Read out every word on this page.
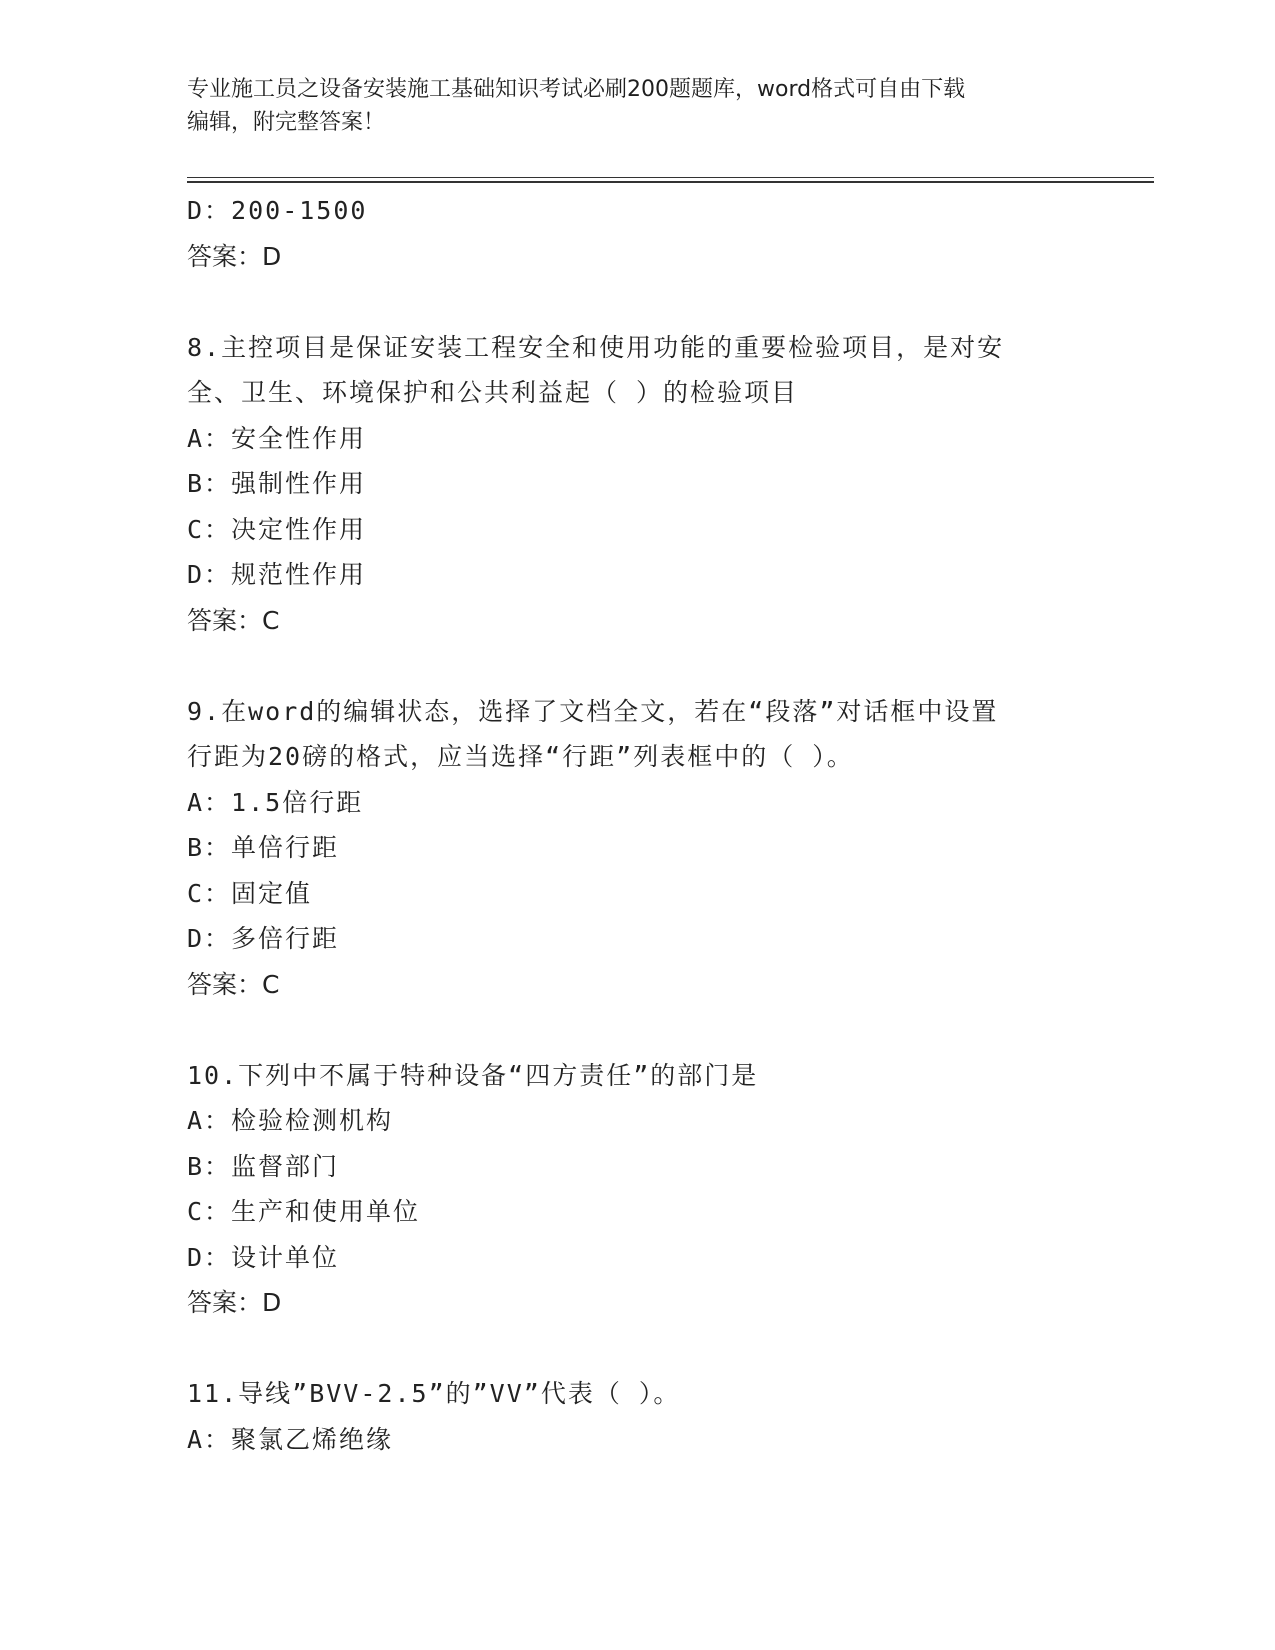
专业施工员之设备安装施工基础知识考试必刷200题题库，word格式可自由下载
编辑，附完整答案！
D：200-1500
答案：D
8.主控项目是保证安装工程安全和使用功能的重要检验项目，是对安
全、卫生、环境保护和公共利益起（ ）的检验项目
A：安全性作用
B：强制性作用
C：决定性作用
D：规范性作用
答案：C
9.在word的编辑状态，选择了文档全文，若在“段落”对话框中设置
行距为20磅的格式，应当选择“行距”列表框中的（ ）。
A：1.5倍行距
B：单倍行距
C：固定值
D：多倍行距
答案：C
10.下列中不属于特种设备“四方责任”的部门是
A：检验检测机构
B：监督部门
C：生产和使用单位
D：设计单位
答案：D
11.导线”BVV-2.5”的”VV”代表（ ）。
A：聚氯乙烯绝缘
